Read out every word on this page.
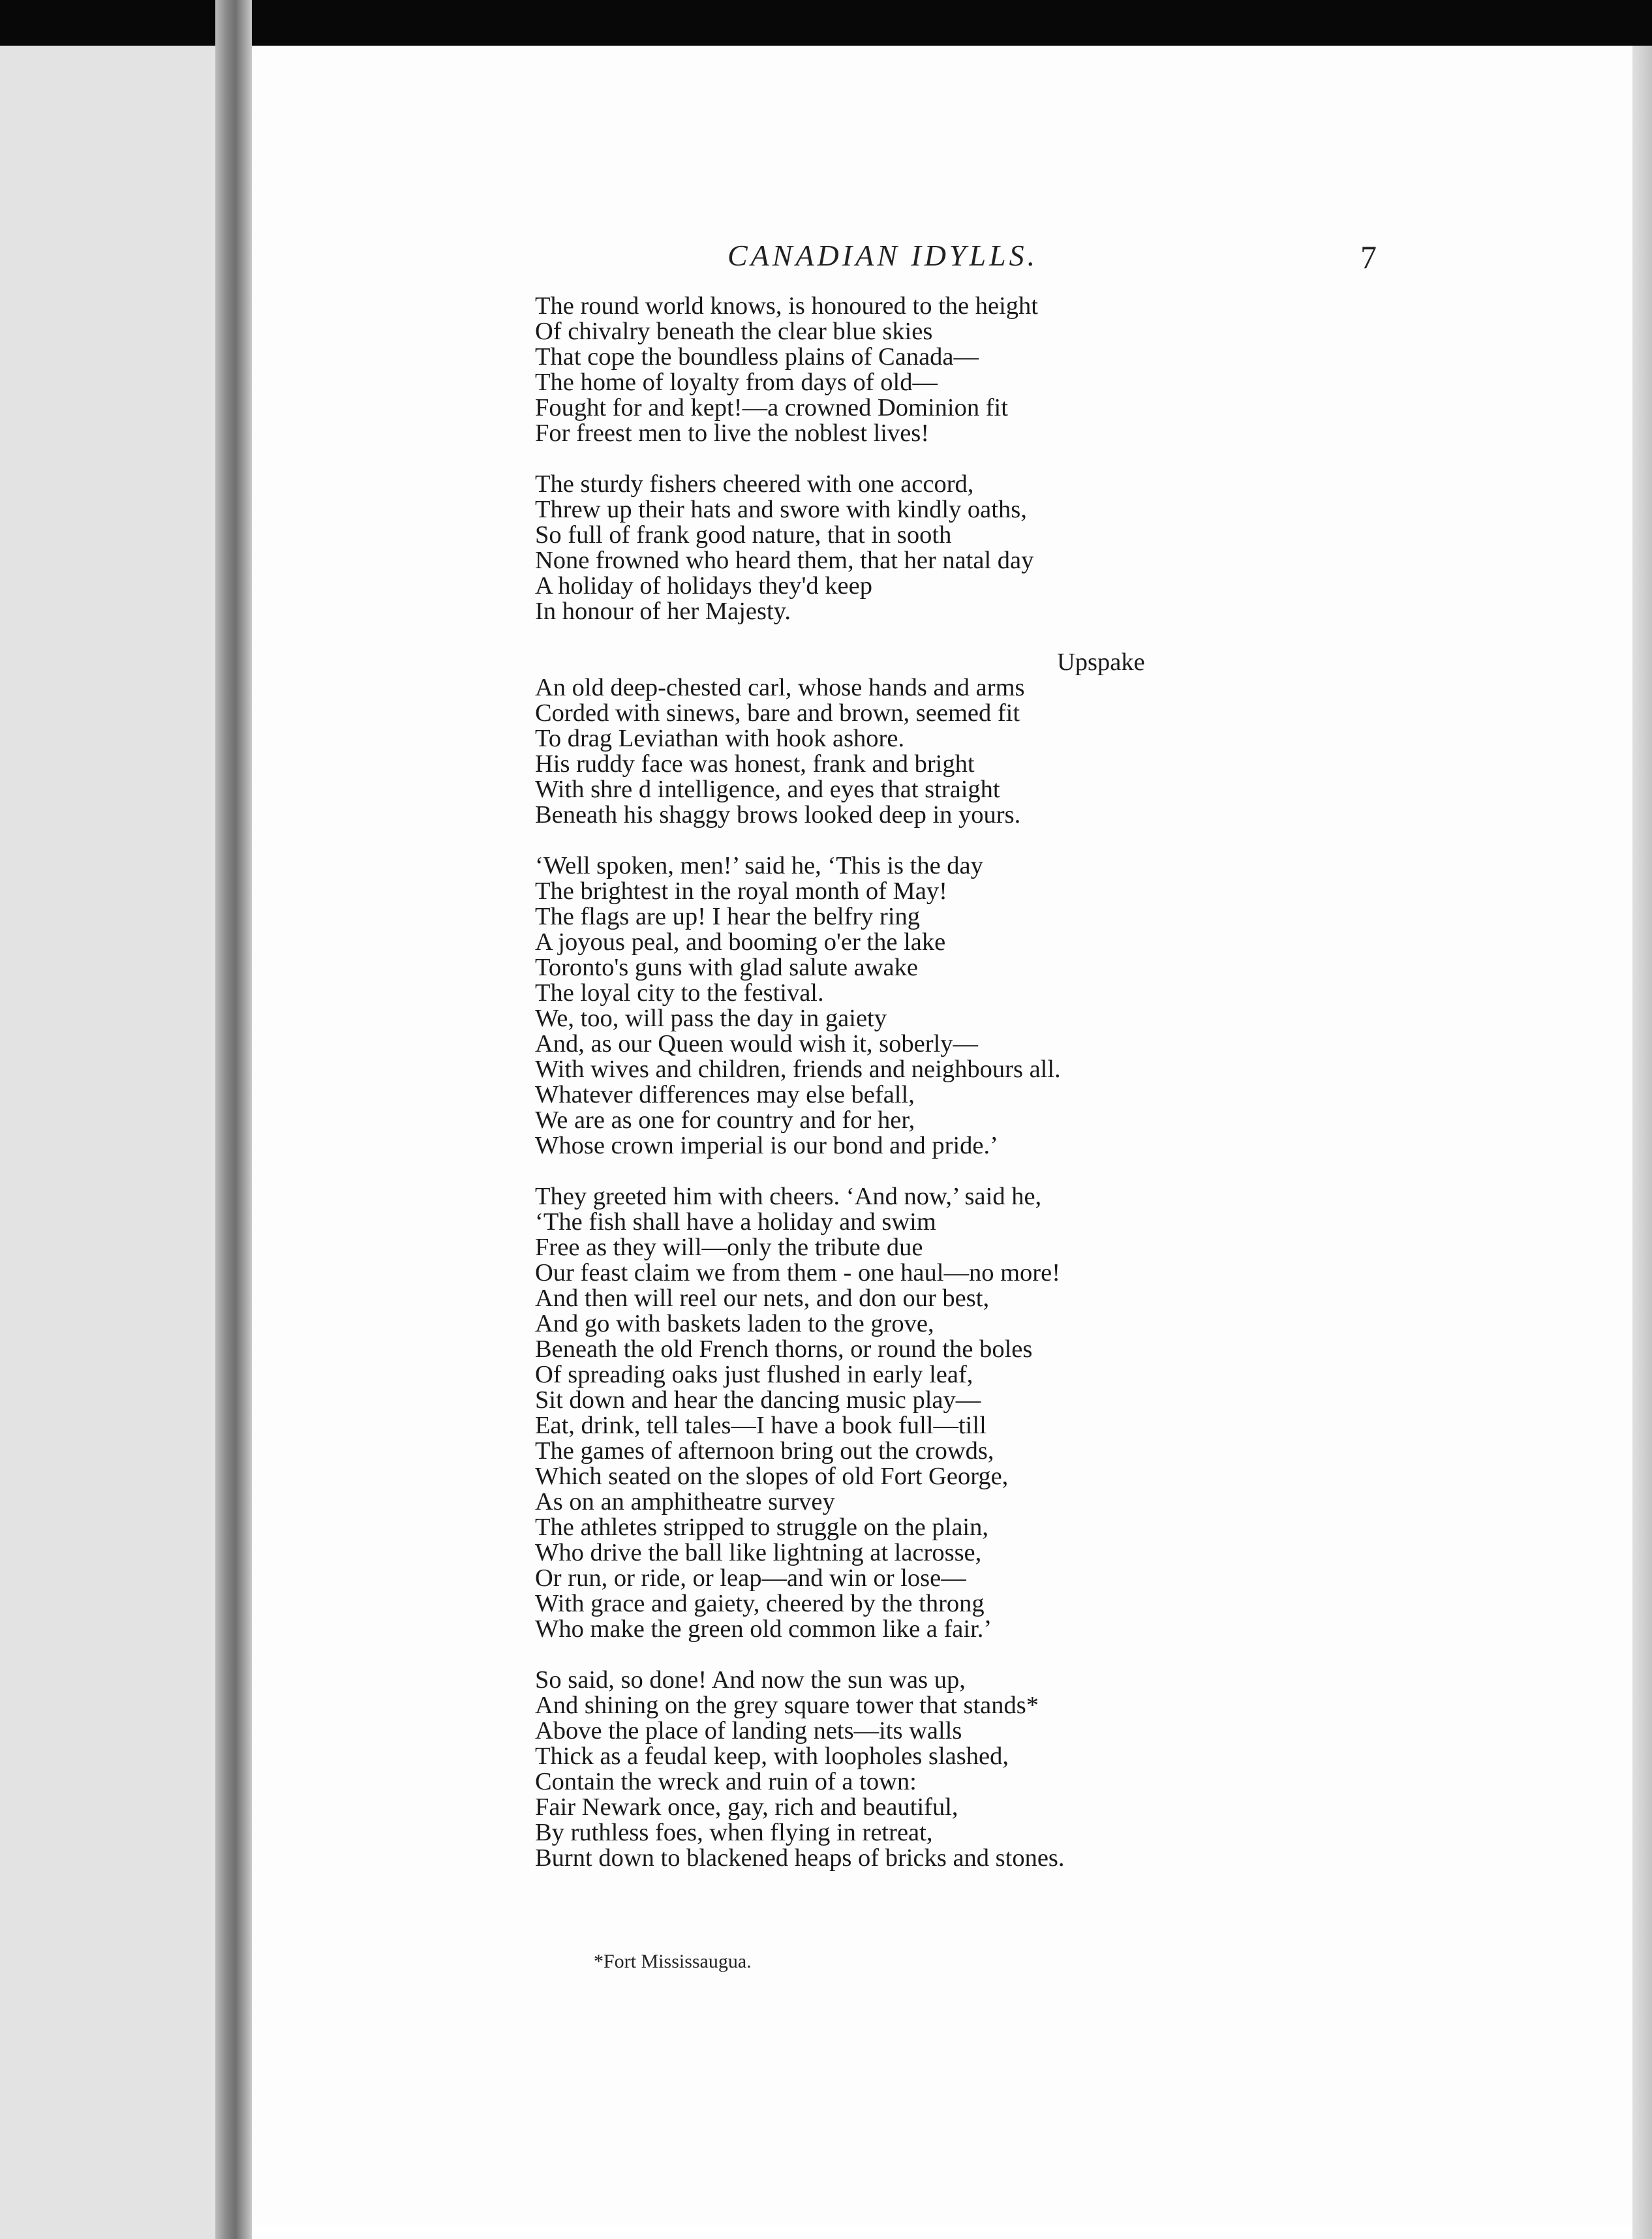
CANADIAN IDYLLS.	7
The round world knows, is honoured to the height
Of chivalry beneath the clear blue skies
That cope the boundless plains of Canada—
The home of loyalty from days of old—
Fought for and kept!—a crowned Dominion fit
For freest men to live the noblest lives!
The sturdy fishers cheered with one accord,
Threw up their hats and swore with kindly oaths,
So full of frank good nature, that in sooth
None frowned who heard them, that her natal day
A holiday of holidays they'd keep
In honour of her Majesty.
Upspake
An old deep-chested carl, whose hands and arms
Corded with sinews, bare and brown, seemed fit
To drag Leviathan with hook ashore.
His ruddy face was honest, frank and bright
With shre d intelligence, and eyes that straight
Beneath his shaggy brows looked deep in yours.
‘Well spoken, men!’ said he, ‘This is the day
The brightest in the royal month of May!
The flags are up! I hear the belfry ring
A joyous peal, and booming o'er the lake
Toronto's guns with glad salute awake
The loyal city to the festival.
We, too, will pass the day in gaiety
And, as our Queen would wish it, soberly—
With wives and children, friends and neighbours all.
Whatever differences may else befall,
We are as one for country and for her,
Whose crown imperial is our bond and pride.’
They greeted him with cheers. ‘And now,’ said he,
‘The fish shall have a holiday and swim
Free as they will—only the tribute due
Our feast claim we from them - one haul—no more!
And then will reel our nets, and don our best,
And go with baskets laden to the grove,
Beneath the old French thorns, or round the boles
Of spreading oaks just flushed in early leaf,
Sit down and hear the dancing music play—
Eat, drink, tell tales—I have a book full—till
The games of afternoon bring out the crowds,
Which seated on the slopes of old Fort George,
As on an amphitheatre survey
The athletes stripped to struggle on the plain,
Who drive the ball like lightning at lacrosse,
Or run, or ride, or leap—and win or lose—
With grace and gaiety, cheered by the throng
Who make the green old common like a fair.’
So said, so done! And now the sun was up,
And shining on the grey square tower that stands*
Above the place of landing nets—its walls
Thick as a feudal keep, with loopholes slashed,
Contain the wreck and ruin of a town:
Fair Newark once, gay, rich and beautiful,
By ruthless foes, when flying in retreat,
Burnt down to blackened heaps of bricks and stones.
*Fort Mississaugua.
